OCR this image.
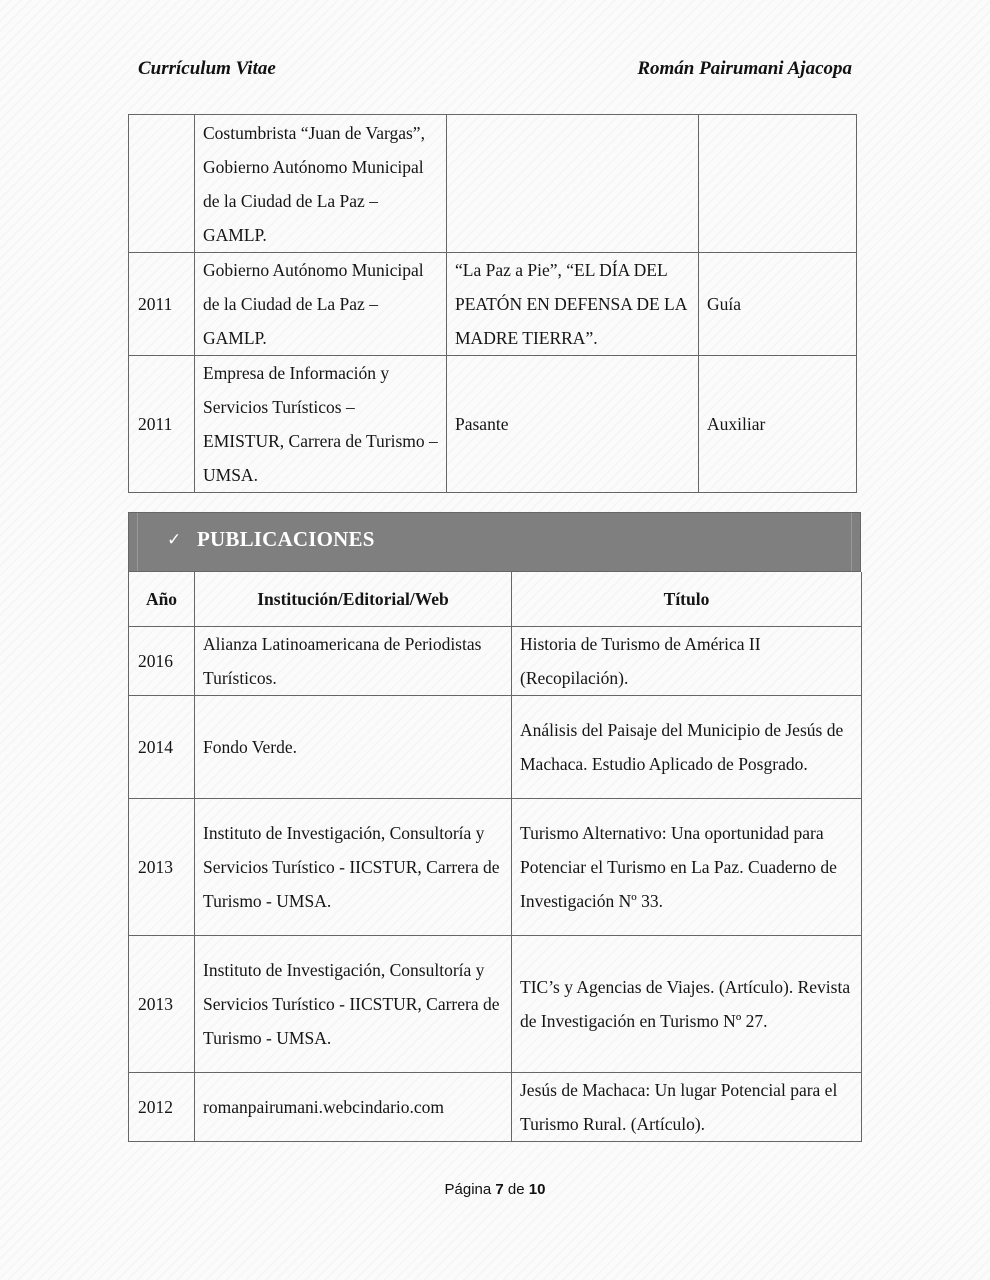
Currículum Vitae	Román Pairumani Ajacopa
	Costumbrista “Juan de Vargas”, Gobierno Autónomo Municipal de la Ciudad de La Paz – GAMLP.		
2011	Gobierno Autónomo Municipal de la Ciudad de La Paz –GAMLP.	“La Paz a Pie”, “EL DÍA DEL PEATÓN EN DEFENSA DE LA MADRE TIERRA”.	Guía
2011	Empresa de Información y Servicios Turísticos – EMISTUR, Carrera de Turismo – UMSA.	Pasante	Auxiliar
✓ PUBLICACIONES
Año	Institución/Editorial/Web	Título
2016	Alianza Latinoamericana de Periodistas Turísticos.	Historia de Turismo de América II (Recopilación).
2014	Fondo Verde.	Análisis del Paisaje del Municipio de Jesús de Machaca. Estudio Aplicado de Posgrado.
2013	Instituto de Investigación, Consultoría y Servicios Turístico - IICSTUR, Carrera de Turismo - UMSA.	Turismo Alternativo: Una oportunidad para Potenciar el Turismo en La Paz. Cuaderno de Investigación Nº 33.
2013	Instituto de Investigación, Consultoría y Servicios Turístico - IICSTUR, Carrera de Turismo - UMSA.	TIC’s y Agencias de Viajes. (Artículo). Revista de Investigación en Turismo Nº 27.
2012	romanpairumani.webcindario.com	Jesús de Machaca: Un lugar Potencial para el Turismo Rural. (Artículo).
Página 7 de 10
